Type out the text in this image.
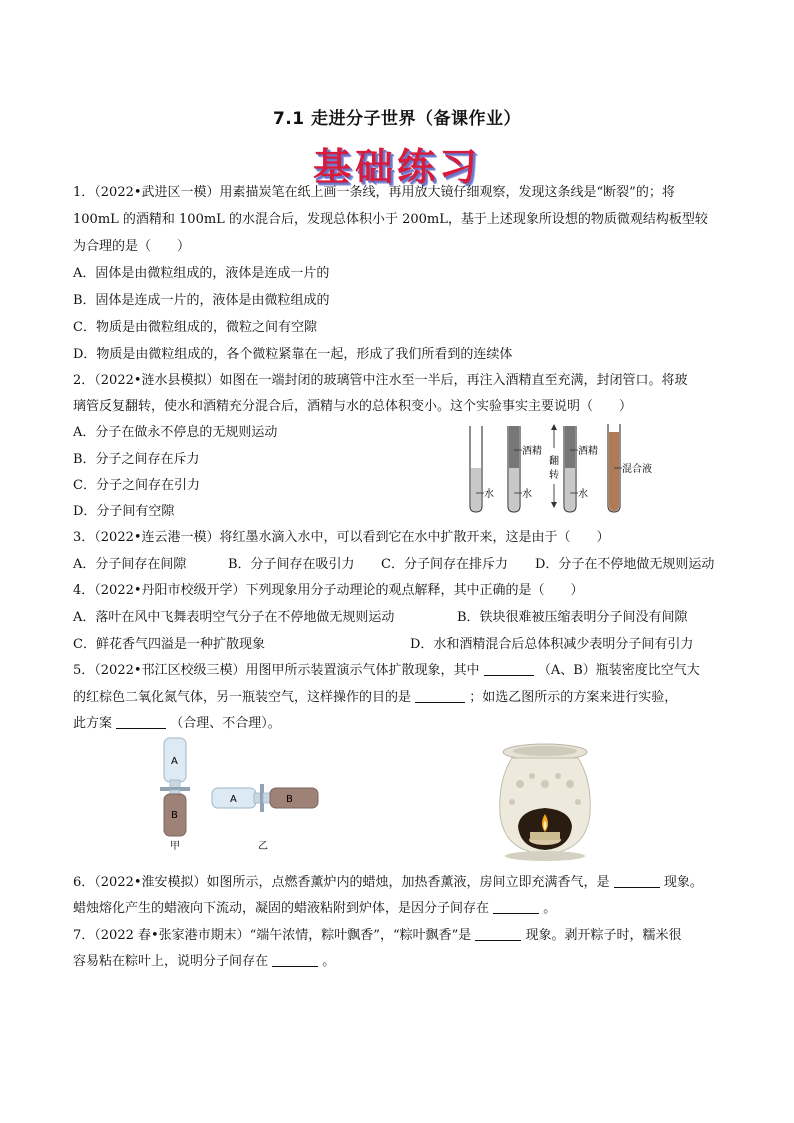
7.1 走进分子世界（备课作业）
基础练习
1．（2022•武进区一模）用素描炭笔在纸上画一条线，再用放大镜仔细观察，发现这条线是“断裂”的；将
100mL 的酒精和 100mL 的水混合后，发现总体积小于 200mL，基于上述现象所设想的物质微观结构板型较
为合理的是（　　）
A．固体是由微粒组成的，液体是连成一片的
B．固体是连成一片的，液体是由微粒组成的
C．物质是由微粒组成的，微粒之间有空隙
D．物质是由微粒组成的，各个微粒紧靠在一起，形成了我们所看到的连续体
2．（2022•涟水县模拟）如图在一端封闭的玻璃管中注水至一半后，再注入酒精直至充满，封闭管口。将玻
璃管反复翻转，使水和酒精充分混合后，酒精与水的总体积变小。这个实验事实主要说明（　　）
A．分子在做永不停息的无规则运动
B．分子之间存在斥力
C．分子之间存在引力
D．分子间有空隙
水
酒精
水
翻
转
酒精
水
混合液
3．（2022•连云港一模）将红墨水滴入水中，可以看到它在水中扩散开来，这是由于（　　）
A．分子间存在间隙	B．分子间存在吸引力 C．分子间存在排斥力 D．分子在不停地做无规则运动
4．（2022•丹阳市校级开学）下列现象用分子动理论的观点解释，其中正确的是（　　）
A．落叶在风中飞舞表明空气分子在不停地做无规则运动	B．铁块很难被压缩表明分子间没有间隙
C．鲜花香气四溢是一种扩散现象	D．水和酒精混合后总体积减少表明分子间有引力
5．（2022•邗江区校级三模）用图甲所示装置演示气体扩散现象，其中	（A、B）瓶装密度比空气大
的红棕色二氧化氮气体，另一瓶装空气，这样操作的目的是	；如选乙图所示的方案来进行实验，
此方案	（合理、不合理）。
A
B
甲
A	B
乙
6．（2022•淮安模拟）如图所示，点燃香薰炉内的蜡烛，加热香薰液，房间立即充满香气，是	现象。
蜡烛熔化产生的蜡液向下流动，凝固的蜡液粘附到炉体，是因分子间存在	。
7．（2022 春•张家港市期末）“端午浓情，粽叶飘香”，“粽叶飘香”是	现象。剥开粽子时，糯米很
容易粘在粽叶上，说明分子间存在	。
